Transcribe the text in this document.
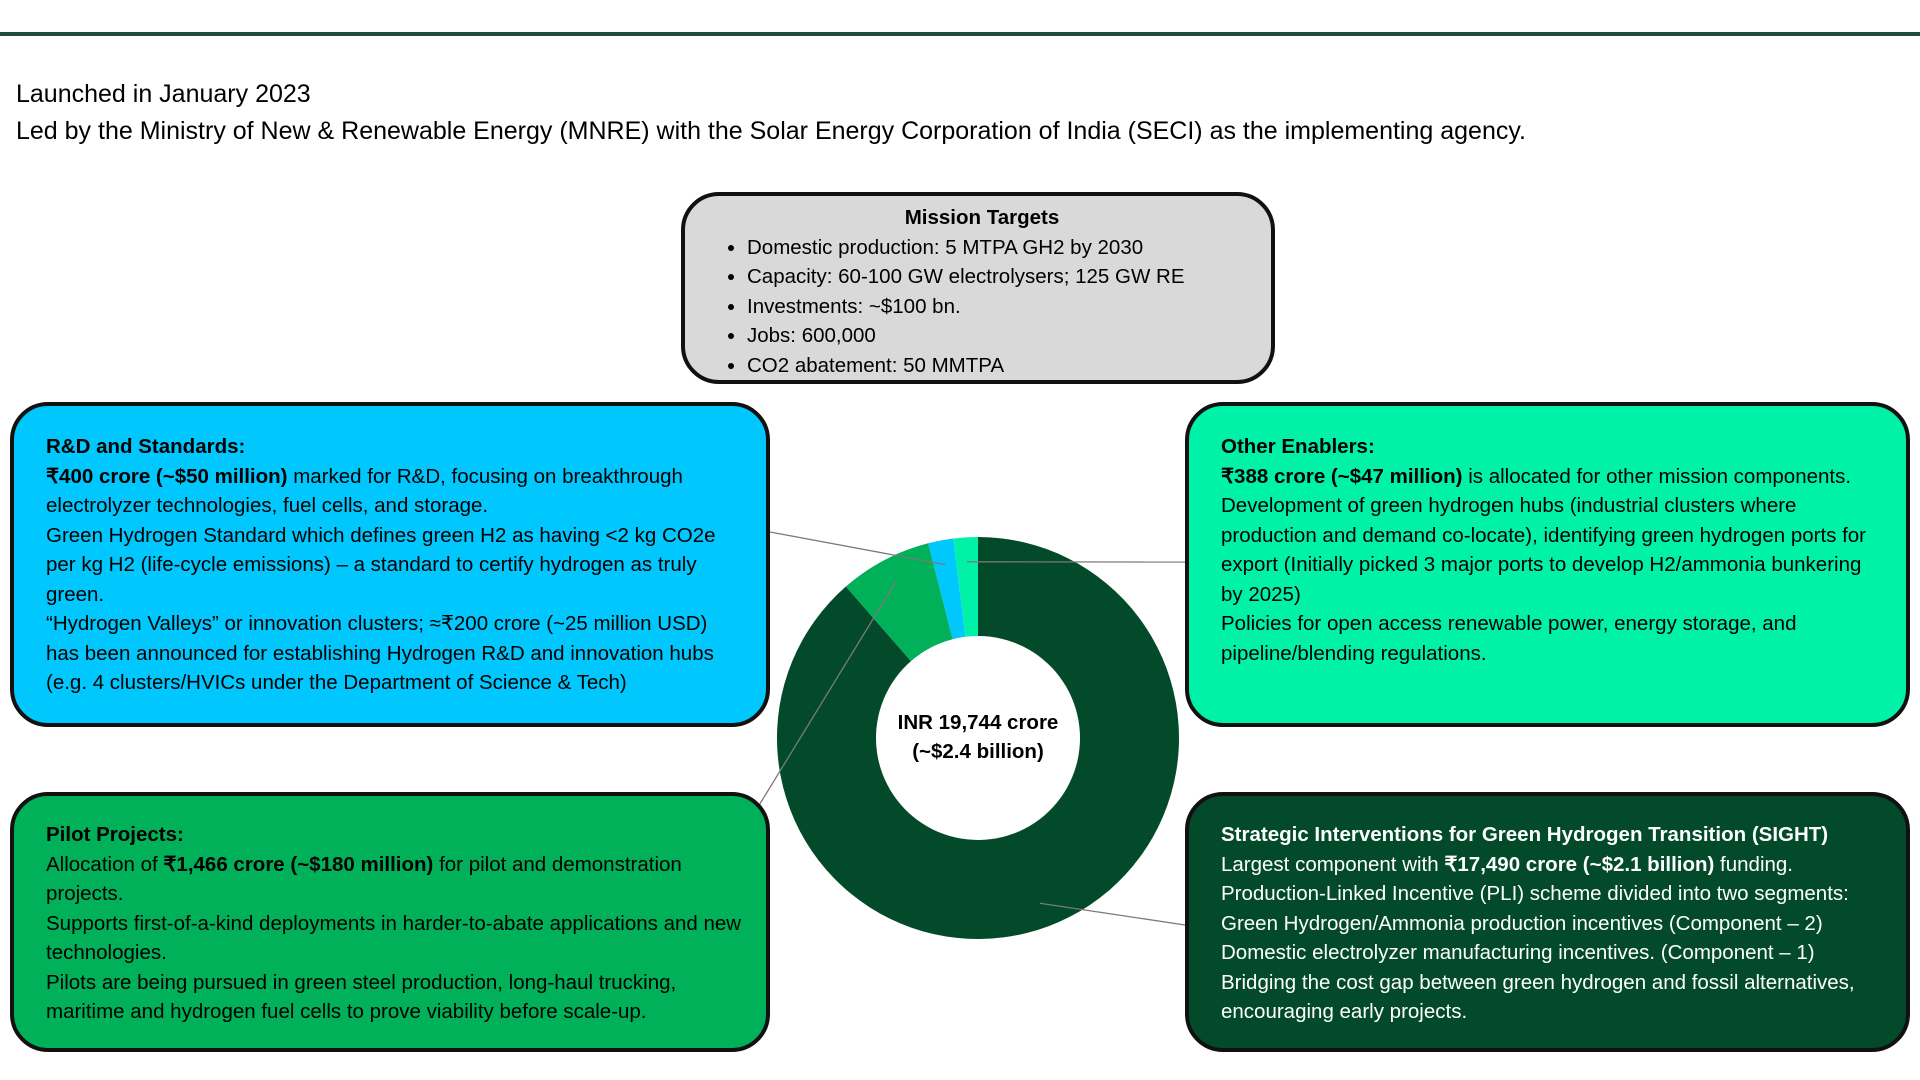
Launched in January 2023
Led by the Ministry of New & Renewable Energy (MNRE) with the Solar Energy Corporation of India (SECI) as the implementing agency.
INR 19,744 crore
(~$2.4 billion)
Mission Targets
• Domestic production: 5 MTPA GH2 by 2030
• Capacity: 60-100 GW electrolysers; 125 GW RE
• Investments: ~$100 bn.
• Jobs: 600,000
• CO2 abatement: 50 MMTPA
R&D and Standards:
₹400 crore (~$50 million) marked for R&D, focusing on breakthrough electrolyzer technologies, fuel cells, and storage.
Green Hydrogen Standard which defines green H2 as having <2 kg CO2e per kg H2 (life-cycle emissions) – a standard to certify hydrogen as truly green.
“Hydrogen Valleys” or innovation clusters; ≈₹200 crore (~25 million USD) has been announced for establishing Hydrogen R&D and innovation hubs (e.g. 4 clusters/HVICs under the Department of Science & Tech)
Other Enablers:
₹388 crore (~$47 million) is allocated for other mission components.
Development of green hydrogen hubs (industrial clusters where production and demand co-locate), identifying green hydrogen ports for export (Initially picked 3 major ports to develop H2/ammonia bunkering by 2025)
Policies for open access renewable power, energy storage, and pipeline/blending regulations.
Pilot Projects:
Allocation of ₹1,466 crore (~$180 million) for pilot and demonstration projects.
Supports first-of-a-kind deployments in harder-to-abate applications and new technologies.
Pilots are being pursued in green steel production, long-haul trucking, maritime and hydrogen fuel cells to prove viability before scale-up.
Strategic Interventions for Green Hydrogen Transition (SIGHT)
Largest component with ₹17,490 crore (~$2.1 billion) funding.
Production-Linked Incentive (PLI) scheme divided into two segments:
Green Hydrogen/Ammonia production incentives (Component – 2)
Domestic electrolyzer manufacturing incentives. (Component – 1)
Bridging the cost gap between green hydrogen and fossil alternatives, encouraging early projects.
